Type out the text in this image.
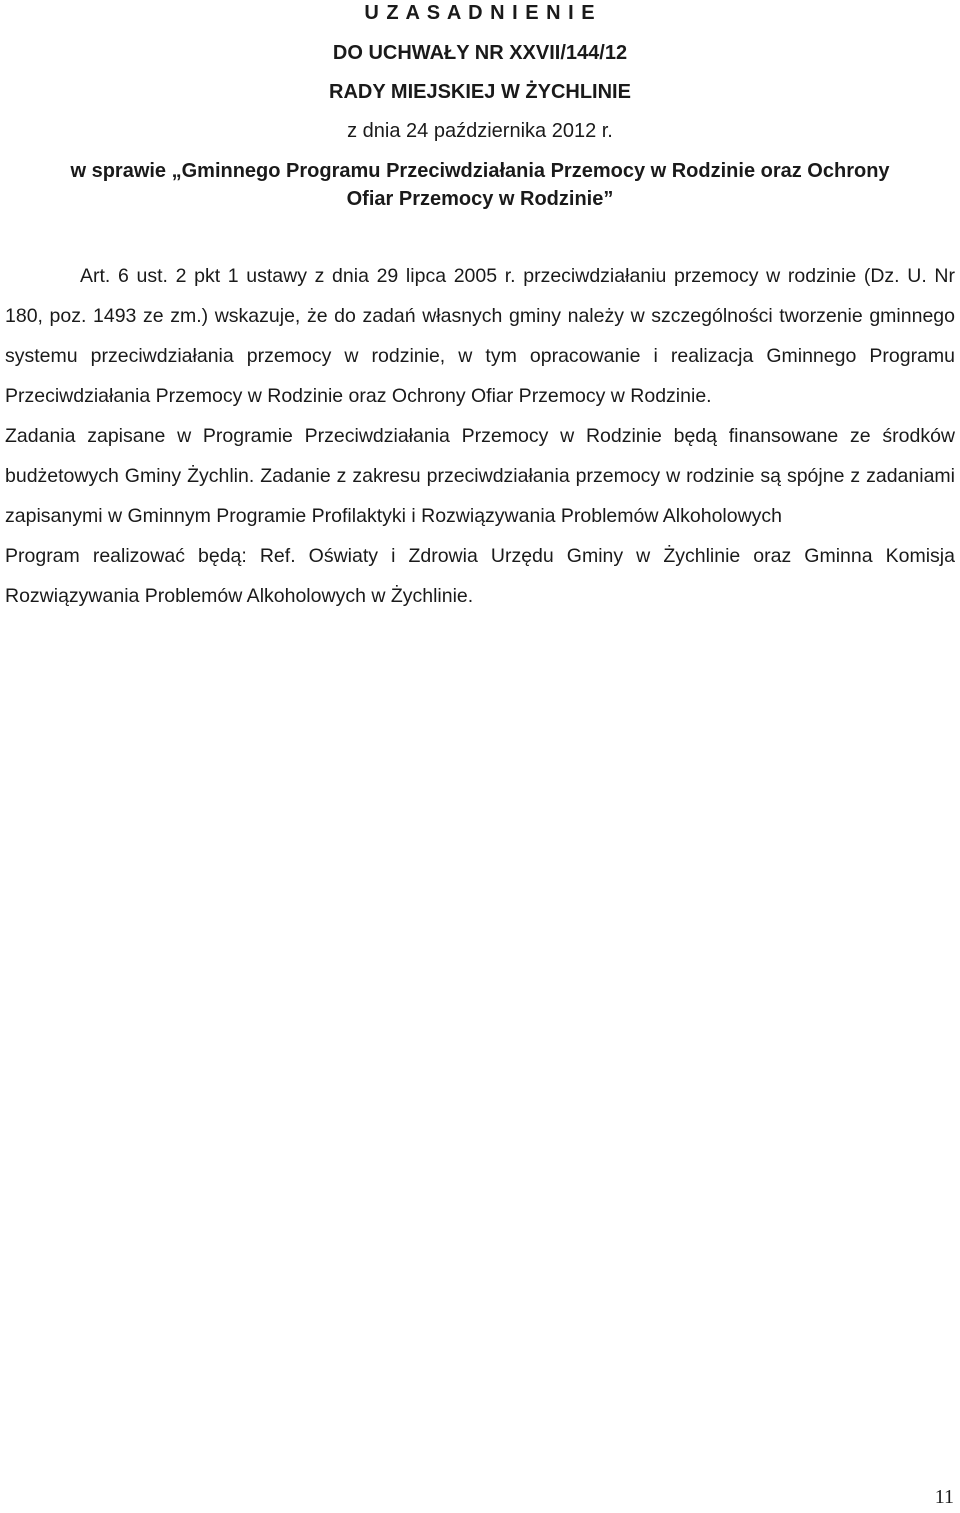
U Z A S A D N I E N I E
DO UCHWAŁY NR XXVII/144/12
RADY MIEJSKIEJ W ŻYCHLINIE
z dnia 24 października 2012 r.
w sprawie „Gminnego Programu Przeciwdziałania Przemocy w Rodzinie oraz Ochrony
Ofiar Przemocy w Rodzinie”

Art. 6 ust. 2 pkt 1 ustawy z dnia 29 lipca 2005 r. przeciwdziałaniu przemocy w rodzinie (Dz. U. Nr 180, poz. 1493 ze zm.) wskazuje, że do zadań własnych gminy należy w szczególności tworzenie gminnego systemu przeciwdziałania przemocy w rodzinie, w tym opracowanie i realizacja Gminnego Programu Przeciwdziałania Przemocy w Rodzinie oraz Ochrony Ofiar Przemocy w Rodzinie.

Zadania zapisane w Programie Przeciwdziałania Przemocy w Rodzinie będą finansowane ze środków budżetowych Gminy Żychlin. Zadanie z zakresu przeciwdziałania przemocy w rodzinie są spójne z zadaniami zapisanymi w Gminnym Programie Profilaktyki i Rozwiązywania Problemów Alkoholowych

Program realizować będą: Ref. Oświaty i Zdrowia Urzędu Gminy w Żychlinie oraz Gminna Komisja Rozwiązywania Problemów Alkoholowych w Żychlinie.

11
